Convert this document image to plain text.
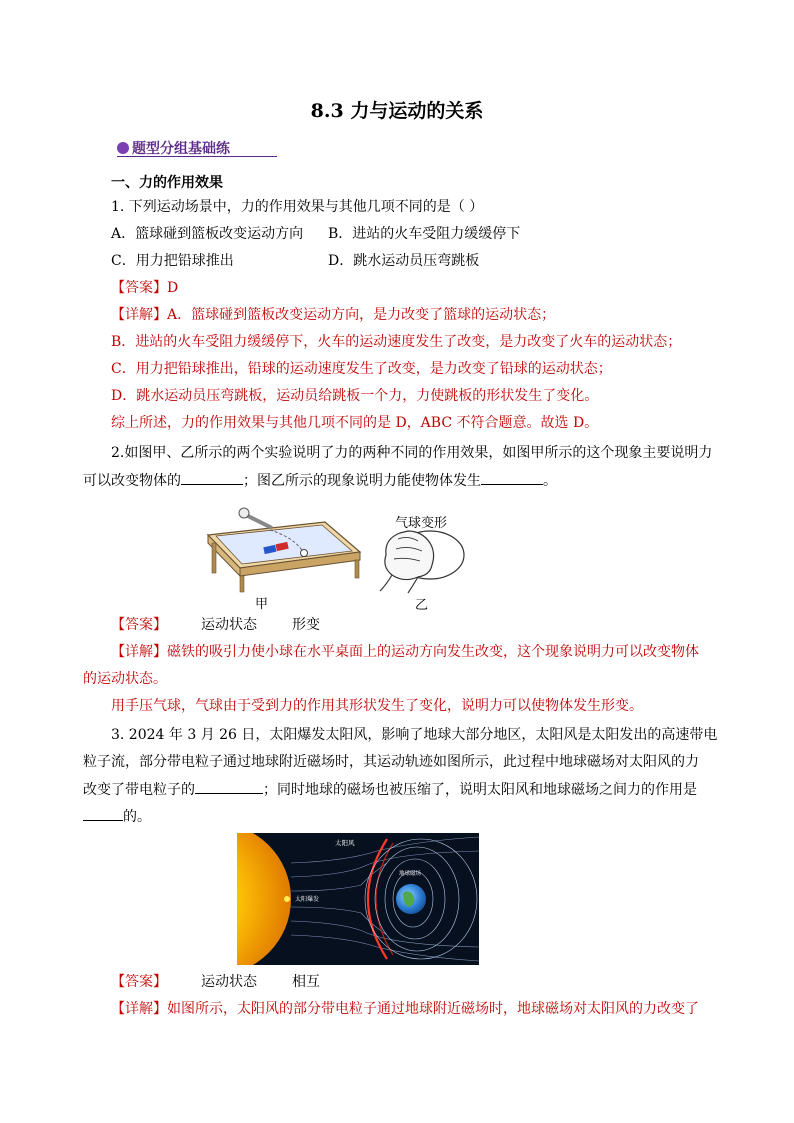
8.3 力与运动的关系
题型分组基础练
一、力的作用效果
1. 下列运动场景中，力的作用效果与其他几项不同的是（ ）
A．篮球碰到篮板改变运动方向 B．进站的火车受阻力缓缓停下
C．用力把铅球推出	D．跳水运动员压弯跳板
【答案】D
【详解】A．篮球碰到篮板改变运动方向，是力改变了篮球的运动状态；
B．进站的火车受阻力缓缓停下，火车的运动速度发生了改变，是力改变了火车的运动状态；
C．用力把铅球推出，铅球的运动速度发生了改变，是力改变了铅球的运动状态；
D．跳水运动员压弯跳板，运动员给跳板一个力，力使跳板的形状发生了变化。
综上所述，力的作用效果与其他几项不同的是 D，ABC 不符合题意。故选 D。
2.如图甲、乙所示的两个实验说明了力的两种不同的作用效果，如图甲所示的这个现象主要说明力
可以改变物体的	；图乙所示的现象说明力能使物体发生	。
甲
气球变形
乙
【答案】 运动状态	形变
【详解】磁铁的吸引力使小球在水平桌面上的运动方向发生改变，这个现象说明力可以改变物体
的运动状态。
用手压气球，气球由于受到力的作用其形状发生了变化，说明力可以使物体发生形变。
3. 2024 年 3 月 26 日，太阳爆发太阳风，影响了地球大部分地区，太阳风是太阳发出的高速带电
粒子流，部分带电粒子通过地球附近磁场时，其运动轨迹如图所示，此过程中地球磁场对太阳风的力
改变了带电粒子的	；同时地球的磁场也被压缩了，说明太阳风和地球磁场之间力的作用是
的。
太阳爆发
太阳风
地球磁场
【答案】 运动状态	相互
【详解】如图所示，太阳风的部分带电粒子通过地球附近磁场时，地球磁场对太阳风的力改变了
